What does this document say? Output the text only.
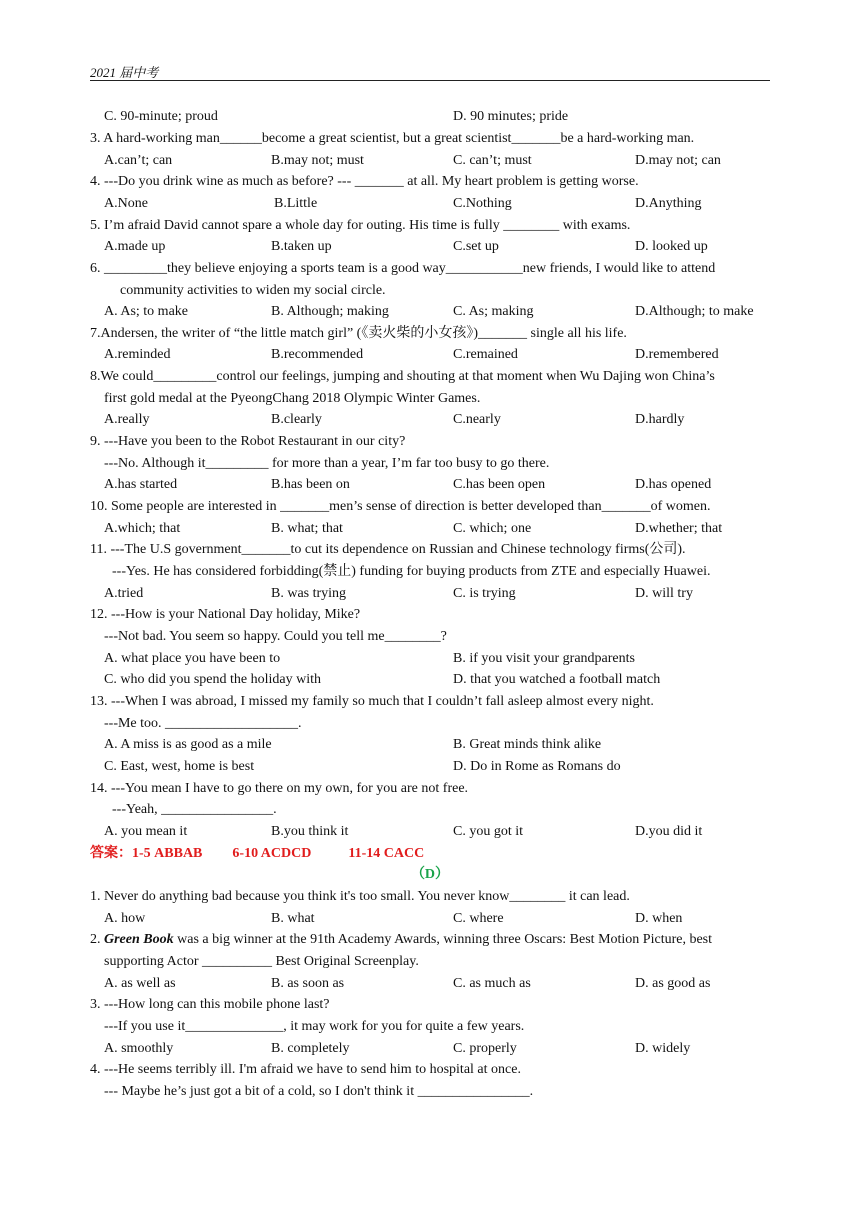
2021 届中考
C. 90-minute; proud	D. 90 minutes; pride
3. A hard-working man______become a great scientist, but a great scientist_______be a hard-working man.
A.can’t; can	B.may not; must	C. can’t; must	D.may not; can
4. ---Do you drink wine as much as before? --- _______ at all. My heart problem is getting worse.
A.None	B.Little	C.Nothing	D.Anything
5. I’m afraid David cannot spare a whole day for outing. His time is fully ________ with exams.
A.made up	B.taken up	C.set up	D. looked up
6. _________they believe enjoying a sports team is a good way___________new friends, I would like to attend
community activities to widen my social circle.
A. As; to make	B. Although; making	C. As; making	D.Although; to make
7.Andersen, the writer of “the little match girl” (《卖火柴的小女孩》)_______ single all his life.
A.reminded	B.recommended	C.remained	D.remembered
8.We could_________control our feelings, jumping and shouting at that moment when Wu Dajing won China’s
first gold medal at the PyeongChang 2018 Olympic Winter Games.
A.really	B.clearly	C.nearly	D.hardly
9. ---Have you been to the Robot Restaurant in our city?
---No. Although it_________ for more than a year, I’m far too busy to go there.
A.has started	B.has been on	C.has been open	D.has opened
10. Some people are interested in _______men’s sense of direction is better developed than_______of women.
A.which; that	B. what; that	C. which; one	D.whether; that
11. ---The U.S government_______to cut its dependence on Russian and Chinese technology firms(公司).
---Yes. He has considered forbidding(禁止) funding for buying products from ZTE and especially Huawei.
A.tried	B. was trying	C. is trying	D. will try
12. ---How is your National Day holiday, Mike?
---Not bad. You seem so happy. Could you tell me________?
A. what place you have been to	B. if you visit your grandparents
C. who did you spend the holiday with	D. that you watched a football match
13. ---When I was abroad, I missed my family so much that I couldn’t fall asleep almost every night.
---Me too. ___________________.
A. A miss is as good as a mile	B. Great minds think alike
C. East, west, home is best	D. Do in Rome as Romans do
14. ---You mean I have to go there on my own, for you are not free.
---Yeah, ________________.
A. you mean it	B.you think it	C. you got it	D.you did it
答案：1-5 ABBAB 6-10 ACDCD	11-14 CACC
（D）
1. Never do anything bad because you think it's too small. You never know________ it can lead.
A. how	B. what	C. where	D. when
2. Green Book was a big winner at the 91th Academy Awards, winning three Oscars: Best Motion Picture, best
supporting Actor __________ Best Original Screenplay.
A. as well as	B. as soon as	C. as much as	D. as good as
3. ---How long can this mobile phone last?
---If you use it______________, it may work for you for quite a few years.
A. smoothly	B. completely	C. properly	D. widely
4. ---He seems terribly ill. I'm afraid we have to send him to hospital at once.
--- Maybe he’s just got a bit of a cold, so I don't think it ________________.
